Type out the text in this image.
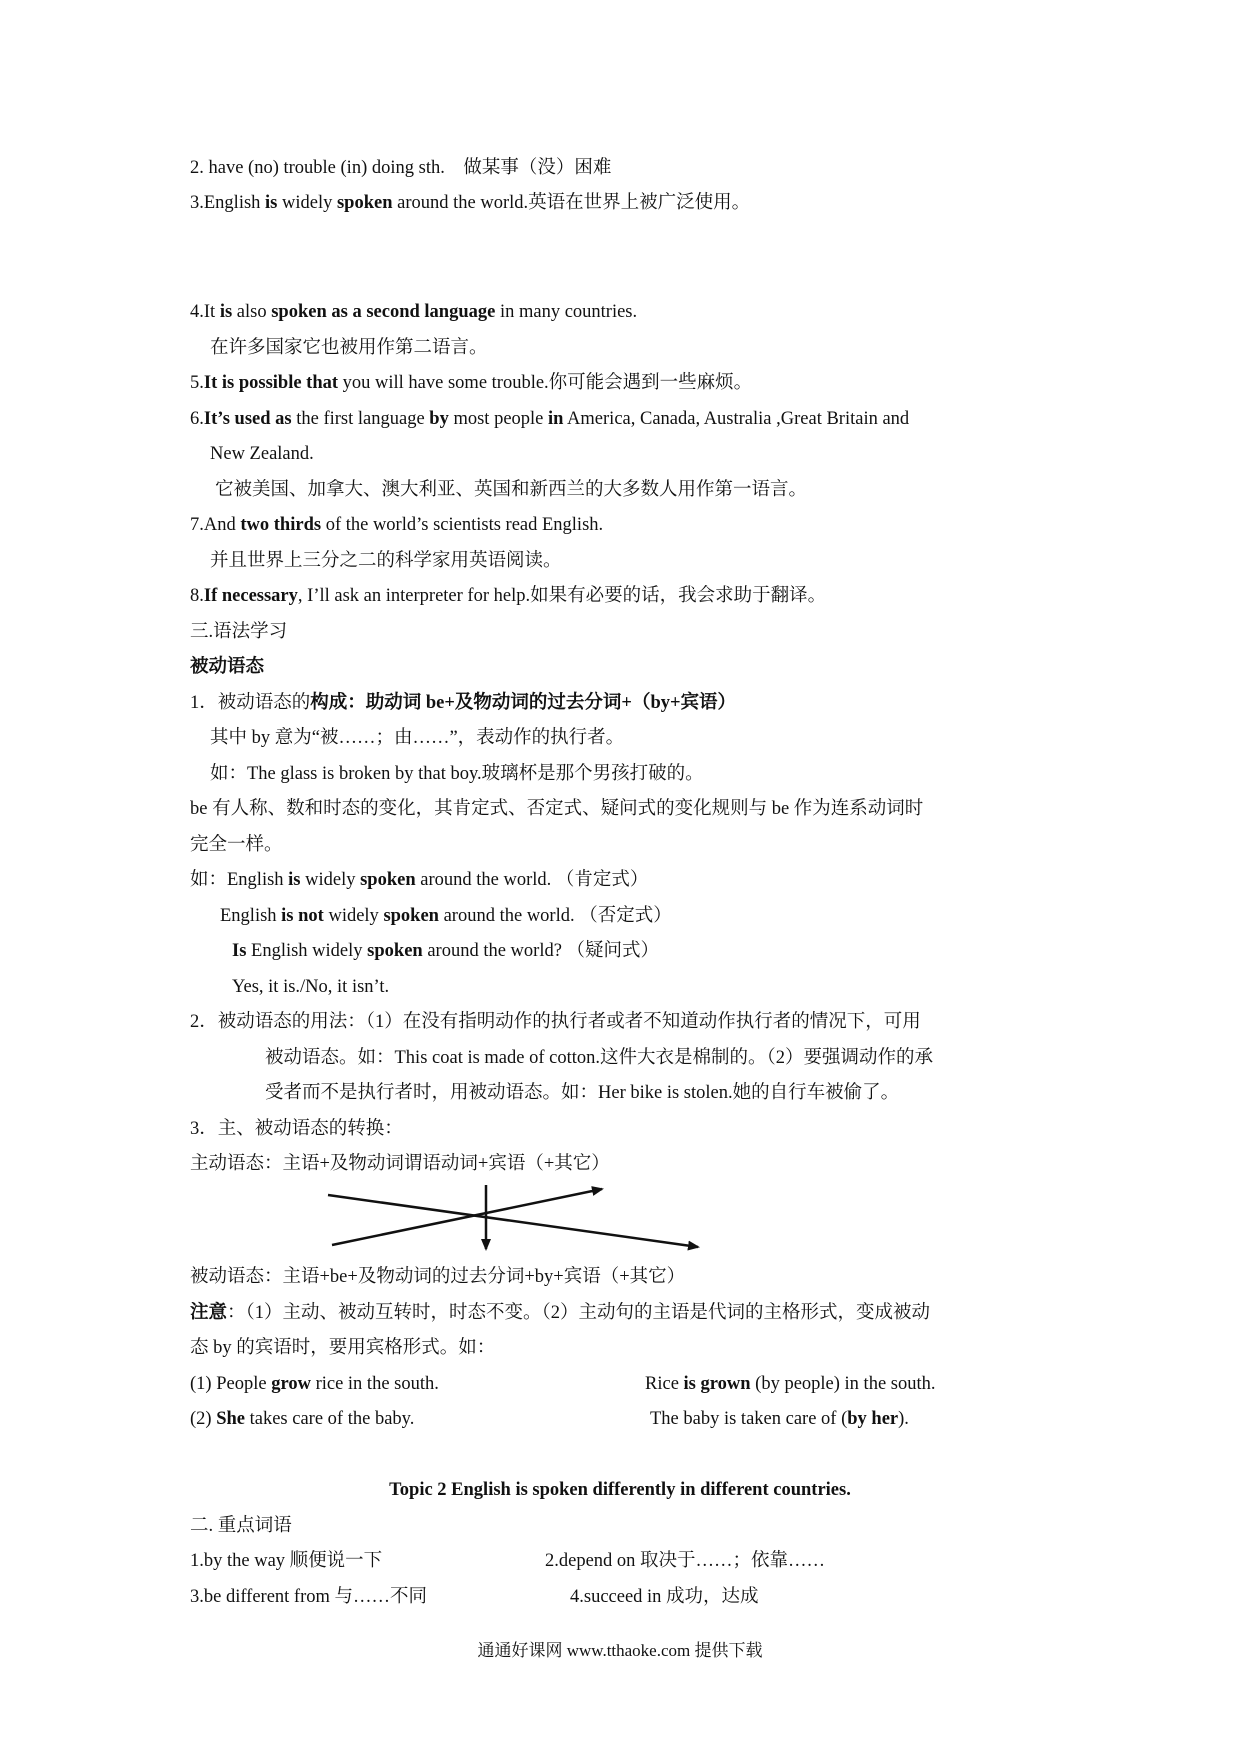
2. have (no) trouble (in) doing sth.　做某事（没）困难
3.English is widely spoken around the world.英语在世界上被广泛使用。
4.It is also spoken as a second language in many countries.
在许多国家它也被用作第二语言。
5.It is possible that you will have some trouble.你可能会遇到一些麻烦。
6.It’s used as the first language by most people in America, Canada, Australia ,Great Britain and
New Zealand.
它被美国、加拿大、澳大利亚、英国和新西兰的大多数人用作第一语言。
7.And two thirds of the world’s scientists read English.
并且世界上三分之二的科学家用英语阅读。
8.If necessary, I’ll ask an interpreter for help.如果有必要的话，我会求助于翻译。
三.语法学习
被动语态
1．被动语态的构成：助动词 be+及物动词的过去分词+（by+宾语）
其中 by 意为“被……；由……”，表动作的执行者。
如：The glass is broken by that boy.玻璃杯是那个男孩打破的。
be 有人称、数和时态的变化，其肯定式、否定式、疑问式的变化规则与 be 作为连系动词时
完全一样。
如：English is widely spoken around the world. （肯定式）
English is not widely spoken around the world. （否定式）
Is English widely spoken around the world? （疑问式）
Yes, it is./No, it isn’t.
2．被动语态的用法：（1）在没有指明动作的执行者或者不知道动作执行者的情况下，可用
被动语态。如：This coat is made of cotton.这件大衣是棉制的。（2）要强调动作的承
受者而不是执行者时，用被动语态。如：Her bike is stolen.她的自行车被偷了。
3．主、被动语态的转换：
主动语态：主语+及物动词谓语动词+宾语（+其它）
被动语态：主语+be+及物动词的过去分词+by+宾语（+其它）
注意：（1）主动、被动互转时，时态不变。（2）主动句的主语是代词的主格形式，变成被动
态 by 的宾语时，要用宾格形式。如：
(1) People grow rice in the south.	Rice is grown (by people) in the south.
(2) She takes care of the baby.	The baby is taken care of (by her).
Topic 2 English is spoken differently in different countries.
二. 重点词语
1.by the way 顺便说一下	2.depend on 取决于……；依靠……
3.be different from 与……不同	4.succeed in 成功，达成
通通好课网 www.tthaoke.com 提供下载
